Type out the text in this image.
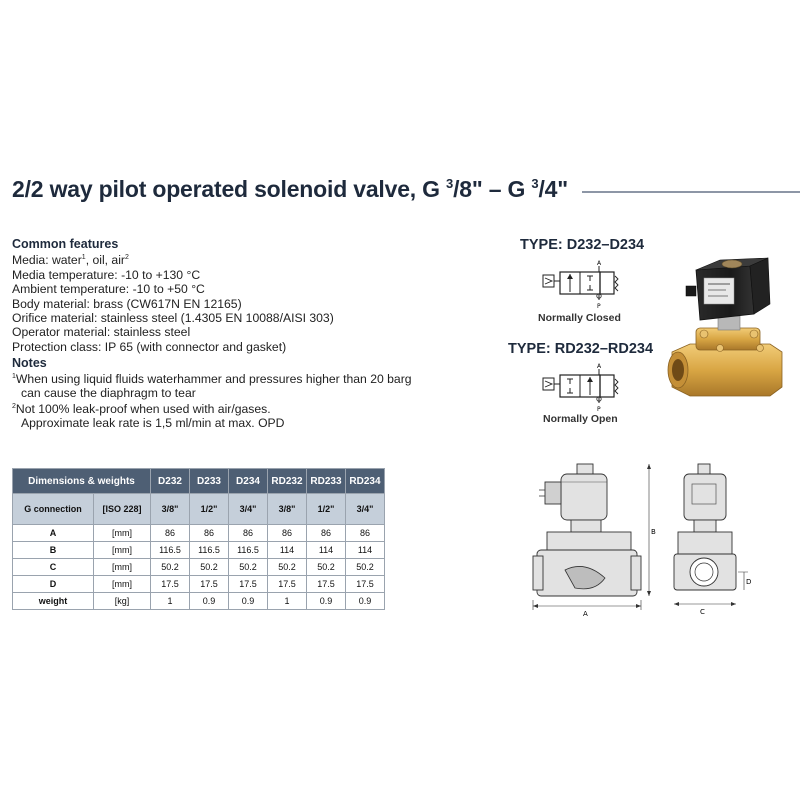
2/2 way pilot operated solenoid valve, G $^3$/8" – G $^3$/4"
Common features
Media: water$^1$, oil, air$^2$
Media temperature: -10 to +130 °C
Ambient temperature: -10 to +50 °C
Body material: brass (CW617N EN 12165)
Orifice material: stainless steel (1.4305 EN 10088/AISI 303)
Operator material: stainless steel
Protection class: IP 65 (with connector and gasket)
Notes
$^1$When using liquid fluids waterhammer and pressures higher than 20 barg
can cause the diaphragm to tear
$^2$Not 100% leak-proof when used with air/gases.
Approximate leak rate is 1,5 ml/min at max. OPD
TYPE: D232–D234
TYPE: RD232–RD234
A
P
Normally Closed
A
P
Normally Open
Dimensions & weights		D232	D233	D234	RD232	RD233	RD234
G connection	[ISO 228]	3/8"	1/2"	3/4"	3/8"	1/2"	3/4"
A	[mm]	86	86	86	86	86	86
B	[mm]	116.5	116.5	116.5	114	114	114
C	[mm]	50.2	50.2	50.2	50.2	50.2	50.2
D	[mm]	17.5	17.5	17.5	17.5	17.5	17.5
weight	[kg]	1	0.9	0.9	1	0.9	0.9
A
B
C
D
